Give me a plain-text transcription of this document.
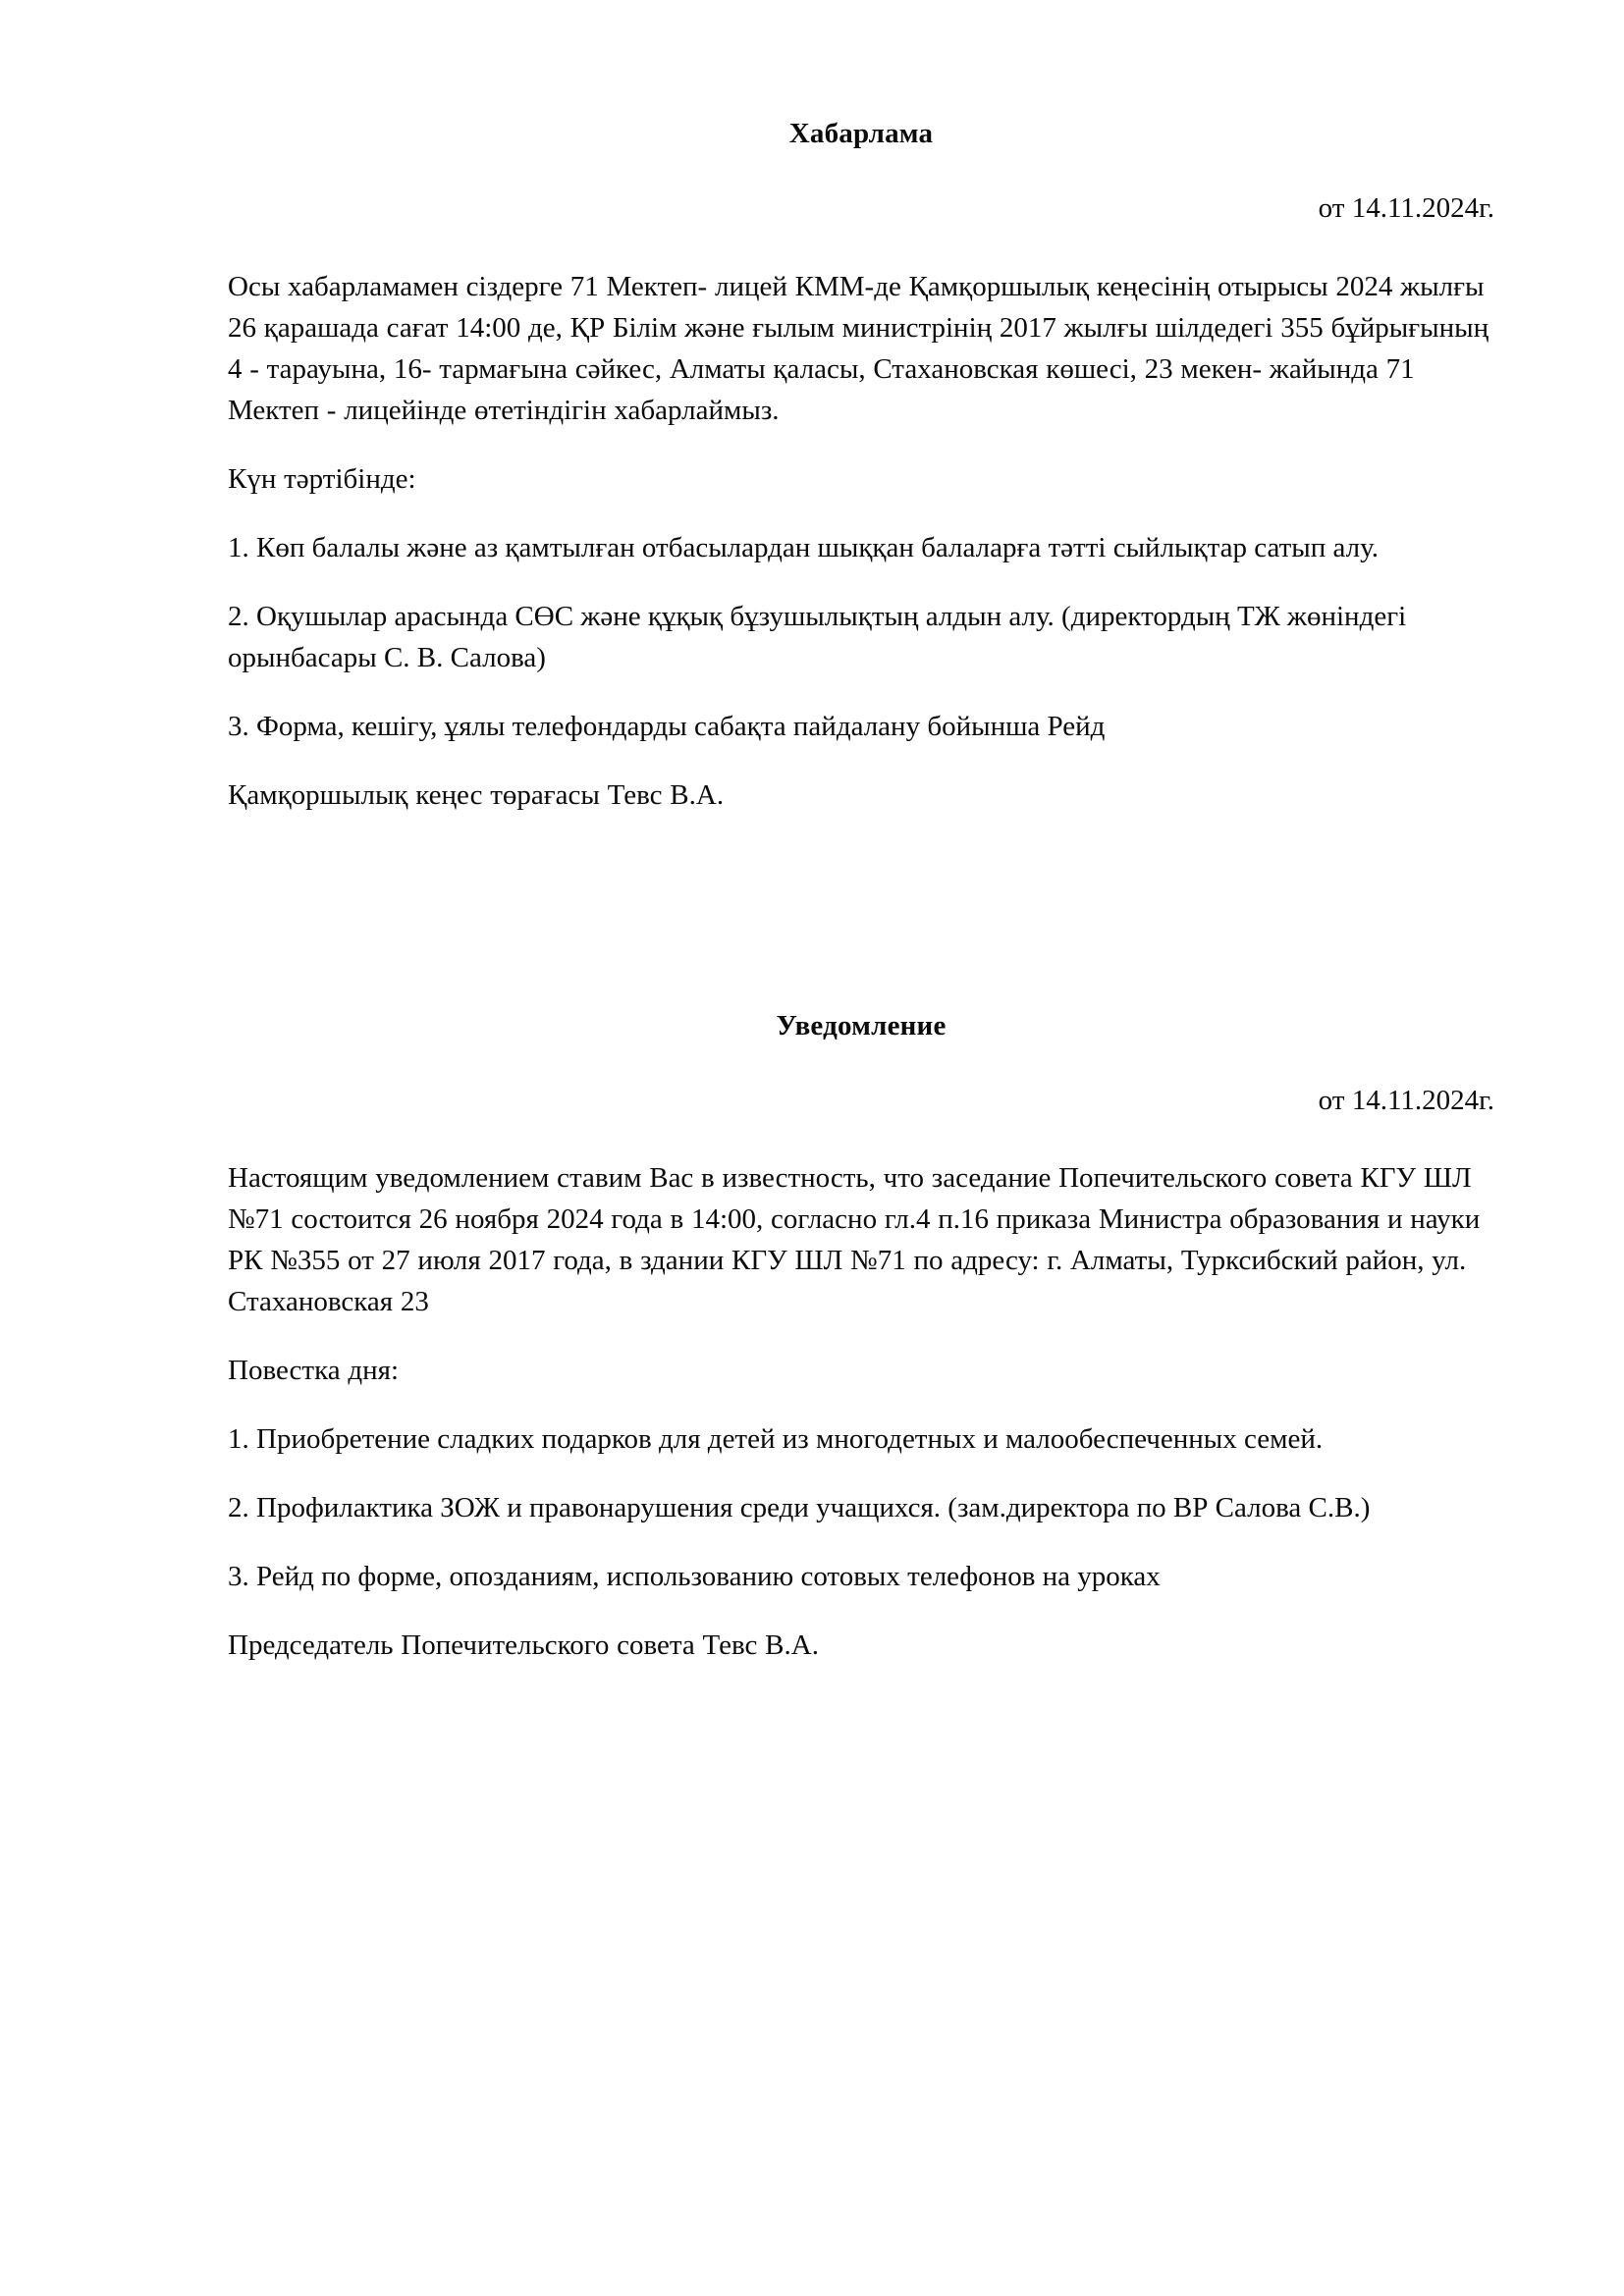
Хабарлама

от 14.11.2024г.

Осы хабарламамен сіздерге 71 Мектеп- лицей КММ-де Қамқоршылық кеңесінің отырысы 2024 жылғы 26 қарашада сағат 14:00 де, ҚР Білім және ғылым министрінің 2017 жылғы шілдедегі 355 бұйрығының 4 - тарауына, 16- тармағына сәйкес, Алматы қаласы, Стахановская көшесі, 23 мекен- жайында 71 Мектеп - лицейінде өтетіндігін хабарлаймыз.

Күн тәртібінде:

1. Көп балалы және аз қамтылған отбасылардан шыққан балаларға тәтті сыйлықтар сатып алу.
2. Оқушылар арасында СӨС және құқық бұзушылықтың алдын алу. (директордың ТЖ жөніндегі орынбасары С. В. Салова)
3. Форма, кешігу, ұялы телефондарды сабақта пайдалану бойынша Рейд

Қамқоршылық кеңес төрағасы Тевс В.А.

Уведомление

от 14.11.2024г.

Настоящим уведомлением ставим Вас в известность, что заседание Попечительского совета КГУ ШЛ №71 состоится 26 ноября 2024 года в 14:00, согласно гл.4 п.16 приказа Министра образования и науки РК №355 от 27 июля 2017 года, в здании КГУ ШЛ №71 по адресу: г. Алматы, Турксибский район, ул. Стахановская 23

Повестка дня:

1. Приобретение сладких подарков для детей из многодетных и малообеспеченных семей.
2. Профилактика ЗОЖ и правонарушения среди учащихся. (зам.директора по ВР Салова С.В.)
3. Рейд по форме, опозданиям, использованию сотовых телефонов на уроках

Председатель Попечительского совета Тевс В.А.
